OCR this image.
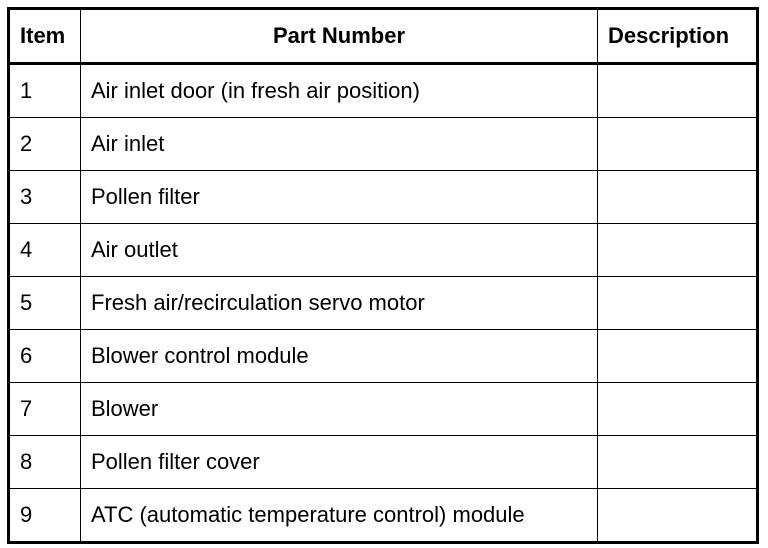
Item	Part Number	Description
1	Air inlet door (in fresh air position)	
2	Air inlet	
3	Pollen filter	
4	Air outlet	
5	Fresh air/recirculation servo motor	
6	Blower control module	
7	Blower	
8	Pollen filter cover	
9	ATC (automatic temperature control) module	
